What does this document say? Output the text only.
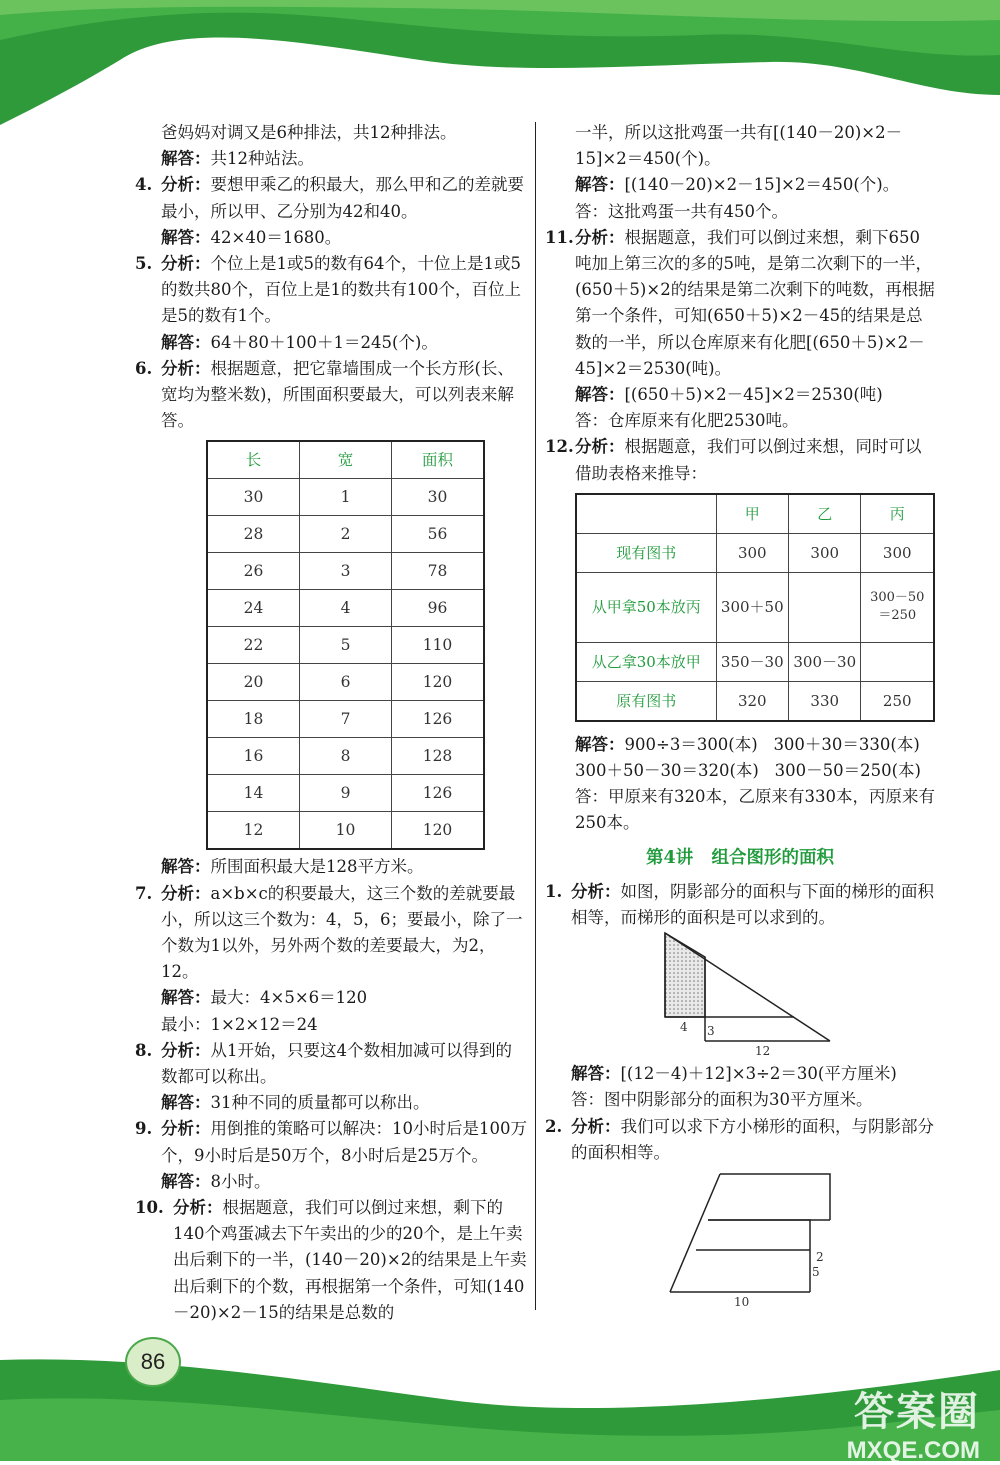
86
答案圈
MXQE.COM

爸妈妈对调又是6种排法，共12种排法。

解答：共12种站法。

4. 分析：要想甲乘乙的积最大，那么甲和乙的差就要最小，所以甲、乙分别为42和40。

解答：42×40＝1680。

5. 分析：个位上是1或5的数有64个，十位上是1或5的数共80个，百位上是1的数共有100个，百位上是5的数有1个。

解答：64＋80＋100＋1＝245(个)。

6. 分析：根据题意，把它靠墙围成一个长方形(长、宽均为整米数)，所围面积要最大，可以列表来解答。

长	宽	面积
30	1	30
28	2	56
26	3	78
24	4	96
22	5	110
20	6	120
18	7	126
16	8	128
14	9	126
12	10	120

解答：所围面积最大是128平方米。

7. 分析：a×b×c的积要最大，这三个数的差就要最小，所以这三个数为：4，5，6；要最小，除了一个数为1以外，另外两个数的差要最大，为2，12。

解答：最大：4×5×6＝120

最小：1×2×12＝24

8. 分析：从1开始，只要这4个数相加减可以得到的数都可以称出。

解答：31种不同的质量都可以称出。

9. 分析：用倒推的策略可以解决：10小时后是100万个，9小时后是50万个，8小时后是25万个。

解答：8小时。

10. 分析：根据题意，我们可以倒过来想，剩下的140个鸡蛋减去下午卖出的少的20个，是上午卖出后剩下的一半，(140－20)×2的结果是上午卖出后剩下的个数，再根据第一个条件，可知(140－20)×2－15的结果是总数的

一半，所以这批鸡蛋一共有[(140－20)×2－15]×2＝450(个)。

解答：[(140－20)×2－15]×2＝450(个)。

答：这批鸡蛋一共有450个。

11. 分析：根据题意，我们可以倒过来想，剩下650吨加上第三次的多的5吨，是第二次剩下的一半，(650＋5)×2的结果是第二次剩下的吨数，再根据第一个条件，可知(650＋5)×2－45的结果是总数的一半，所以仓库原来有化肥[(650＋5)×2－45]×2＝2530(吨)。

解答：[(650＋5)×2－45]×2＝2530(吨)

答：仓库原来有化肥2530吨。

12. 分析：根据题意，我们可以倒过来想，同时可以借助表格来推导：

	甲	乙	丙
现有图书	300	300	300
从甲拿50本放丙	300＋50		300－50
＝250

从乙拿30本放甲	350－30	300－30	
原有图书	320	330	250

解答：900÷3＝300(本) 300＋30＝330(本)

300＋50－30＝320(本) 300－50＝250(本)

答：甲原来有320本，乙原来有330本，丙原来有250本。

第4讲 组合图形的面积

1. 分析：如图，阴影部分的面积与下面的梯形的面积相等，而梯形的面积是可以求到的。

4 3
12

解答：[(12－4)＋12]×3÷2＝30(平方厘米)

答：图中阴影部分的面积为30平方厘米。

2. 分析：我们可以求下方小梯形的面积，与阴影部分的面积相等。

2
5
10
